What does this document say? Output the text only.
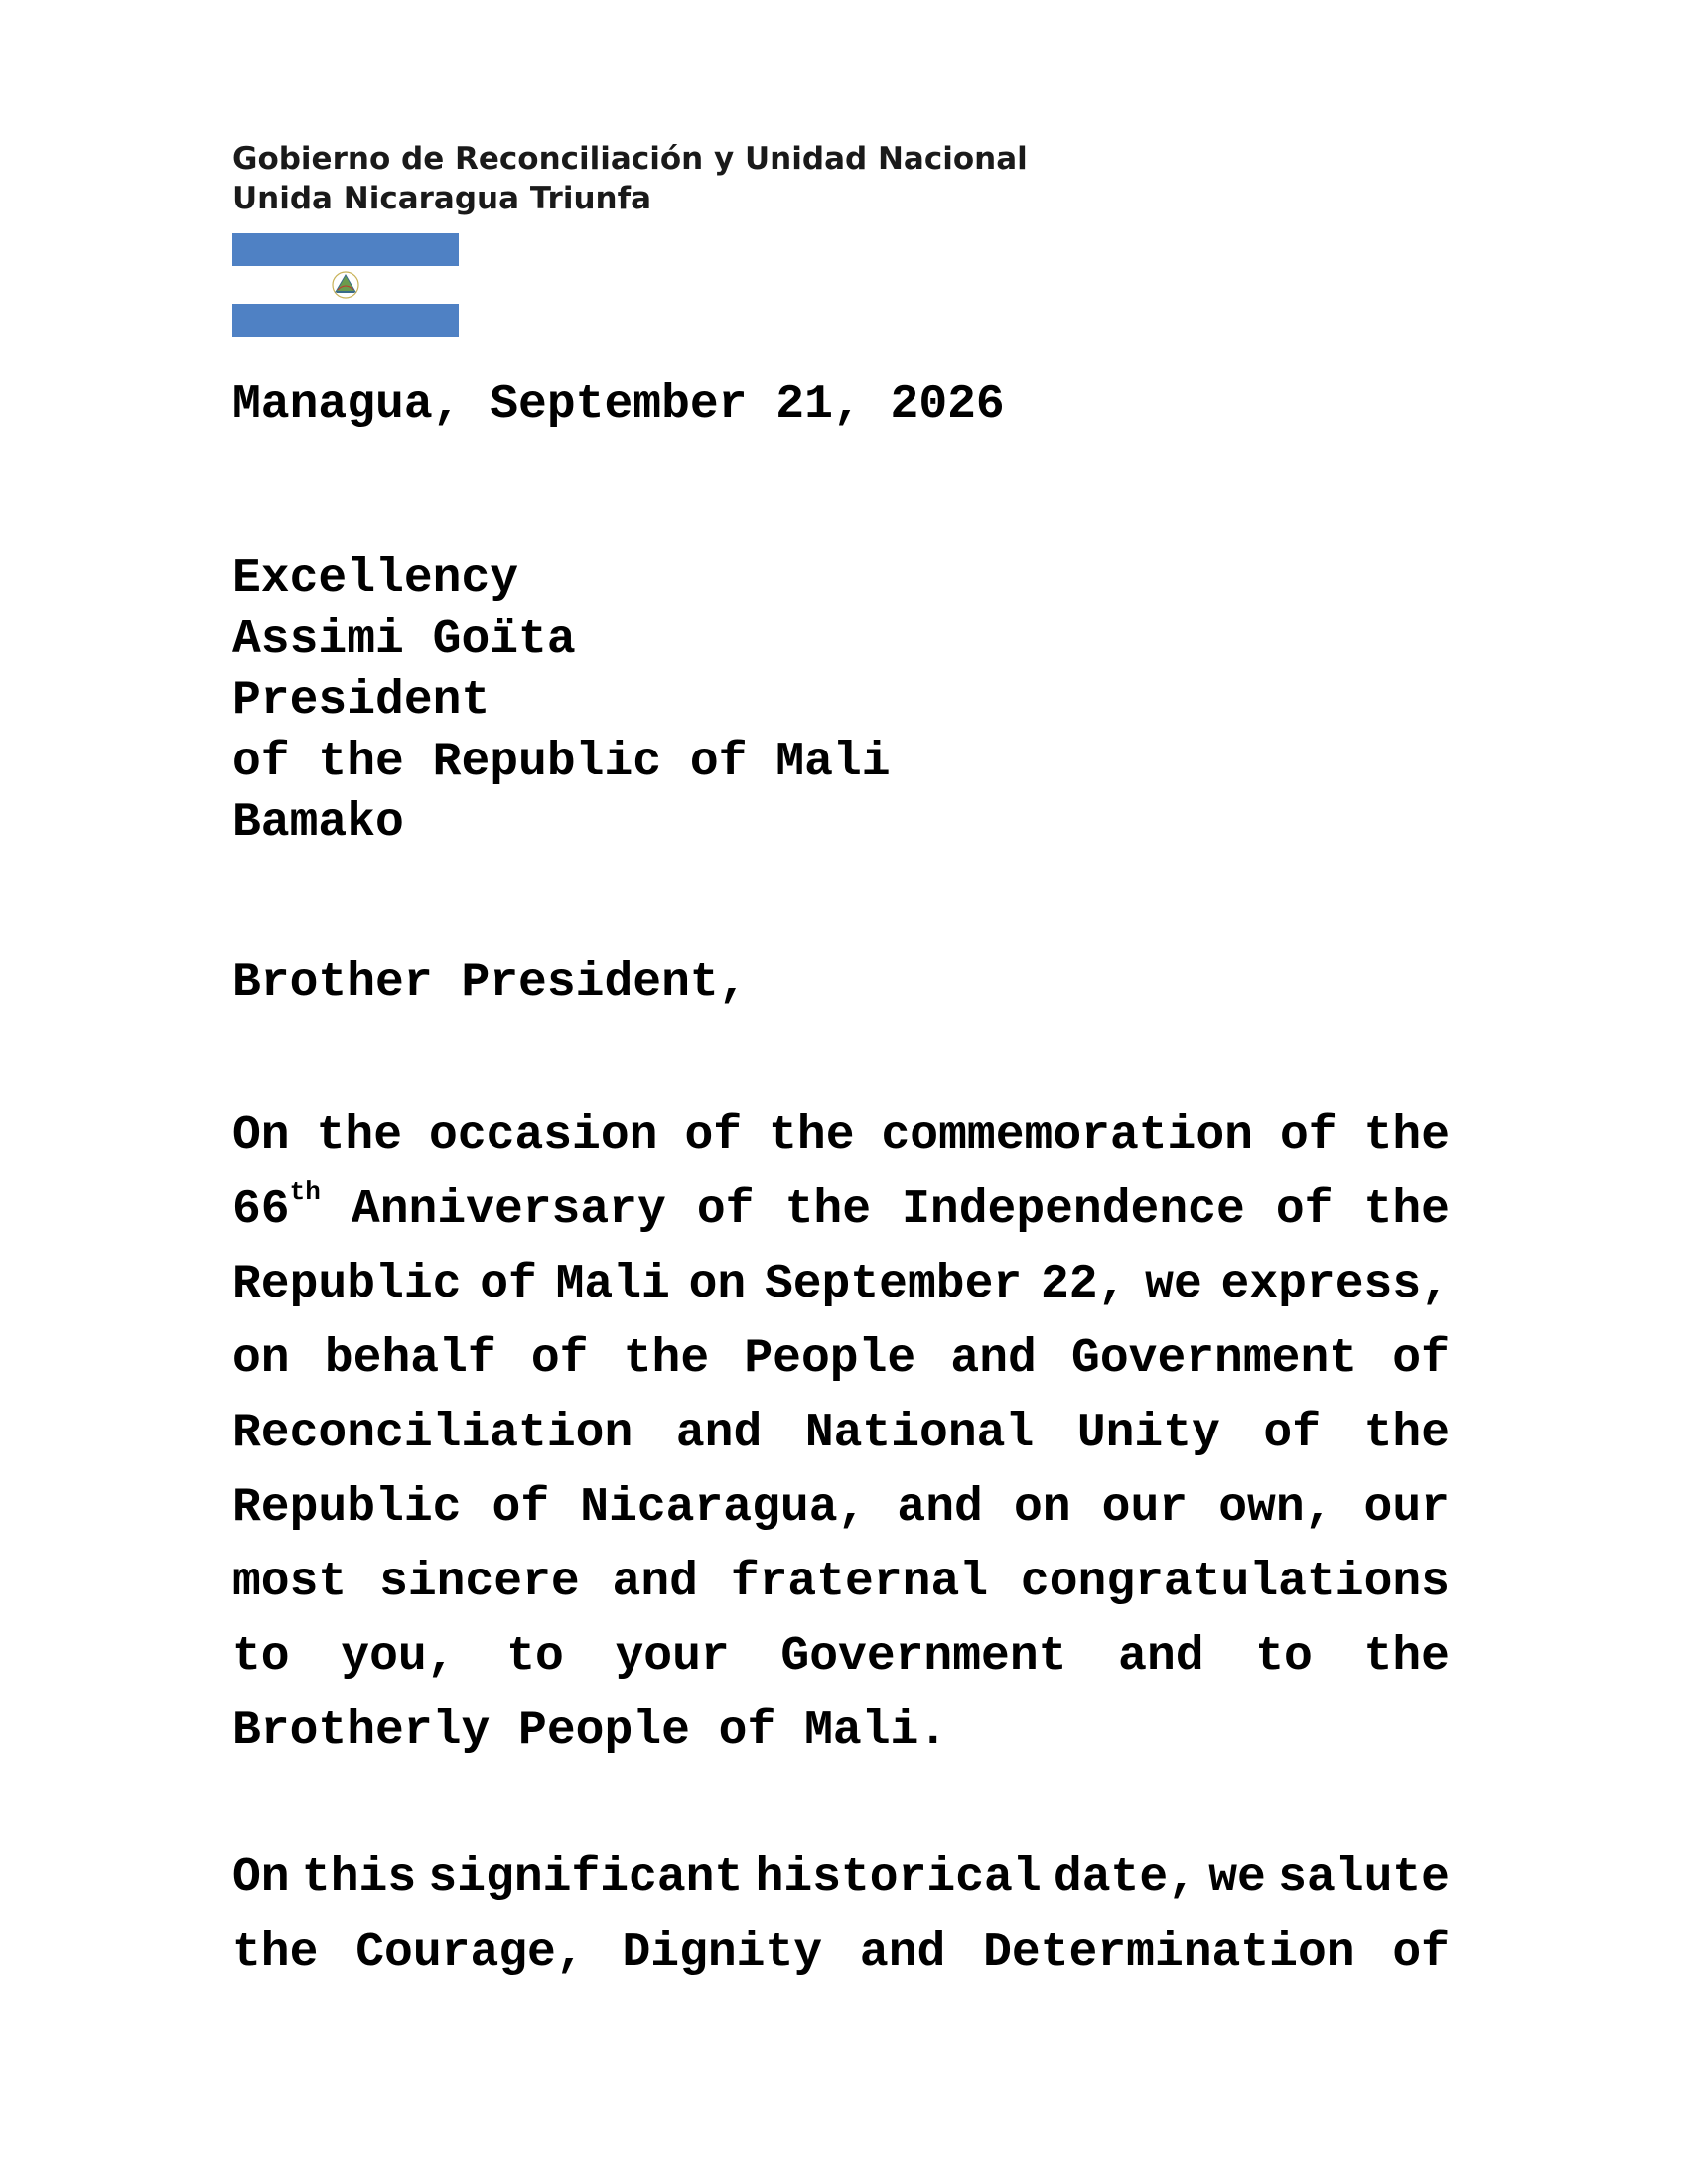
Gobierno de Reconciliación y Unidad Nacional
Unida Nicaragua Triunfa
Managua, September 21, 2026
Excellency
Assimi Goïta
President
of the Republic of Mali
Bamako
Brother President,
On the occasion of the commemoration of the
66th Anniversary of the Independence of the
Republic of Mali on September 22, we express,
on behalf of the People and Government of
Reconciliation and National Unity of the
Republic of Nicaragua, and on our own, our
most sincere and fraternal congratulations
to you, to your Government and to the
Brotherly People of Mali.
On this significant historical date, we salute
the Courage, Dignity and Determination of
